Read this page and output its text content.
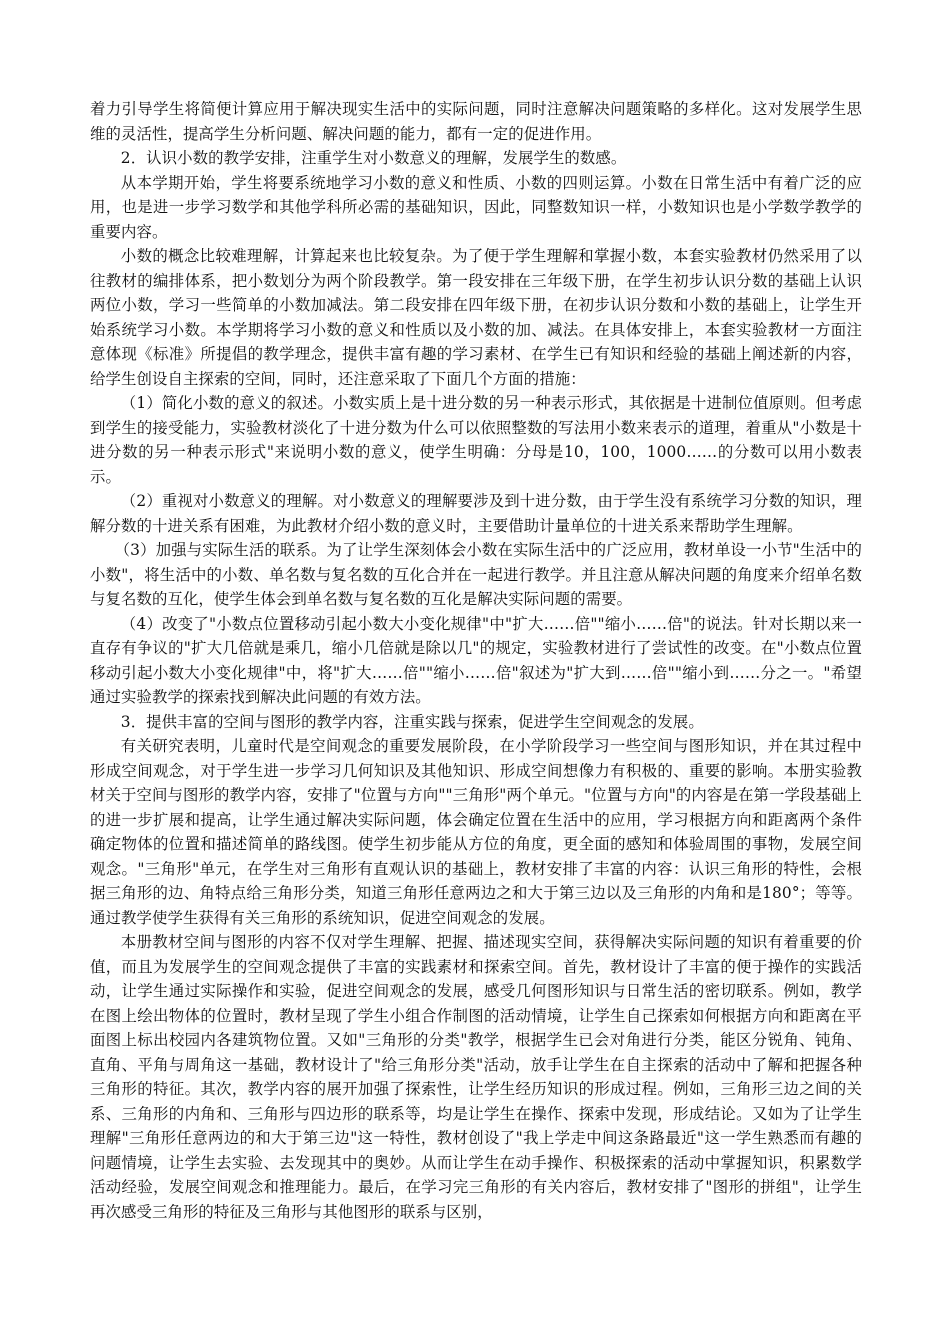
着力引导学生将简便计算应用于解决现实生活中的实际问题，同时注意解决问题策略的多样化。这对发展学生思维的灵活性，提高学生分析问题、解决问题的能力，都有一定的促进作用。

2．认识小数的教学安排，注重学生对小数意义的理解，发展学生的数感。

从本学期开始，学生将要系统地学习小数的意义和性质、小数的四则运算。小数在日常生活中有着广泛的应用，也是进一步学习数学和其他学科所必需的基础知识，因此，同整数知识一样，小数知识也是小学数学教学的重要内容。

小数的概念比较难理解，计算起来也比较复杂。为了便于学生理解和掌握小数，本套实验教材仍然采用了以往教材的编排体系，把小数划分为两个阶段教学。第一段安排在三年级下册，在学生初步认识分数的基础上认识两位小数，学习一些简单的小数加减法。第二段安排在四年级下册，在初步认识分数和小数的基础上，让学生开始系统学习小数。本学期将学习小数的意义和性质以及小数的加、减法。在具体安排上，本套实验教材一方面注意体现《标准》所提倡的教学理念，提供丰富有趣的学习素材、在学生已有知识和经验的基础上阐述新的内容，给学生创设自主探索的空间，同时，还注意采取了下面几个方面的措施：

（1）简化小数的意义的叙述。小数实质上是十进分数的另一种表示形式，其依据是十进制位值原则。但考虑到学生的接受能力，实验教材淡化了十进分数为什么可以依照整数的写法用小数来表示的道理，着重从"小数是十进分数的另一种表示形式"来说明小数的意义，使学生明确：分母是10，100，1000……的分数可以用小数表示。

（2）重视对小数意义的理解。对小数意义的理解要涉及到十进分数，由于学生没有系统学习分数的知识，理解分数的十进关系有困难，为此教材介绍小数的意义时，主要借助计量单位的十进关系来帮助学生理解。

（3）加强与实际生活的联系。为了让学生深刻体会小数在实际生活中的广泛应用，教材单设一小节"生活中的小数"，将生活中的小数、单名数与复名数的互化合并在一起进行教学。并且注意从解决问题的角度来介绍单名数与复名数的互化，使学生体会到单名数与复名数的互化是解决实际问题的需要。

（4）改变了"小数点位置移动引起小数大小变化规律"中"扩大……倍""缩小……倍"的说法。针对长期以来一直存有争议的"扩大几倍就是乘几，缩小几倍就是除以几"的规定，实验教材进行了尝试性的改变。在"小数点位置移动引起小数大小变化规律"中，将"扩大……倍""缩小……倍"叙述为"扩大到……倍""缩小到……分之一。"希望通过实验教学的探索找到解决此问题的有效方法。

3．提供丰富的空间与图形的教学内容，注重实践与探索，促进学生空间观念的发展。

有关研究表明，儿童时代是空间观念的重要发展阶段，在小学阶段学习一些空间与图形知识，并在其过程中形成空间观念，对于学生进一步学习几何知识及其他知识、形成空间想像力有积极的、重要的影响。本册实验教材关于空间与图形的教学内容，安排了"位置与方向""三角形"两个单元。"位置与方向"的内容是在第一学段基础上的进一步扩展和提高，让学生通过解决实际问题，体会确定位置在生活中的应用，学习根据方向和距离两个条件确定物体的位置和描述简单的路线图。使学生初步能从方位的角度，更全面的感知和体验周围的事物，发展空间观念。"三角形"单元，在学生对三角形有直观认识的基础上，教材安排了丰富的内容：认识三角形的特性，会根据三角形的边、角特点给三角形分类，知道三角形任意两边之和大于第三边以及三角形的内角和是180°；等等。通过教学使学生获得有关三角形的系统知识，促进空间观念的发展。

本册教材空间与图形的内容不仅对学生理解、把握、描述现实空间，获得解决实际问题的知识有着重要的价值，而且为发展学生的空间观念提供了丰富的实践素材和探索空间。首先，教材设计了丰富的便于操作的实践活动，让学生通过实际操作和实验，促进空间观念的发展，感受几何图形知识与日常生活的密切联系。例如，教学在图上绘出物体的位置时，教材呈现了学生小组合作制图的活动情境，让学生自己探索如何根据方向和距离在平面图上标出校园内各建筑物位置。又如"三角形的分类"教学，根据学生已会对角进行分类，能区分锐角、钝角、直角、平角与周角这一基础，教材设计了"给三角形分类"活动，放手让学生在自主探索的活动中了解和把握各种三角形的特征。其次，教学内容的展开加强了探索性，让学生经历知识的形成过程。例如，三角形三边之间的关系、三角形的内角和、三角形与四边形的联系等，均是让学生在操作、探索中发现，形成结论。又如为了让学生理解"三角形任意两边的和大于第三边"这一特性，教材创设了"我上学走中间这条路最近"这一学生熟悉而有趣的问题情境，让学生去实验、去发现其中的奥妙。从而让学生在动手操作、积极探索的活动中掌握知识，积累数学活动经验，发展空间观念和推理能力。最后，在学习完三角形的有关内容后，教材安排了"图形的拼组"，让学生再次感受三角形的特征及三角形与其他图形的联系与区别，
